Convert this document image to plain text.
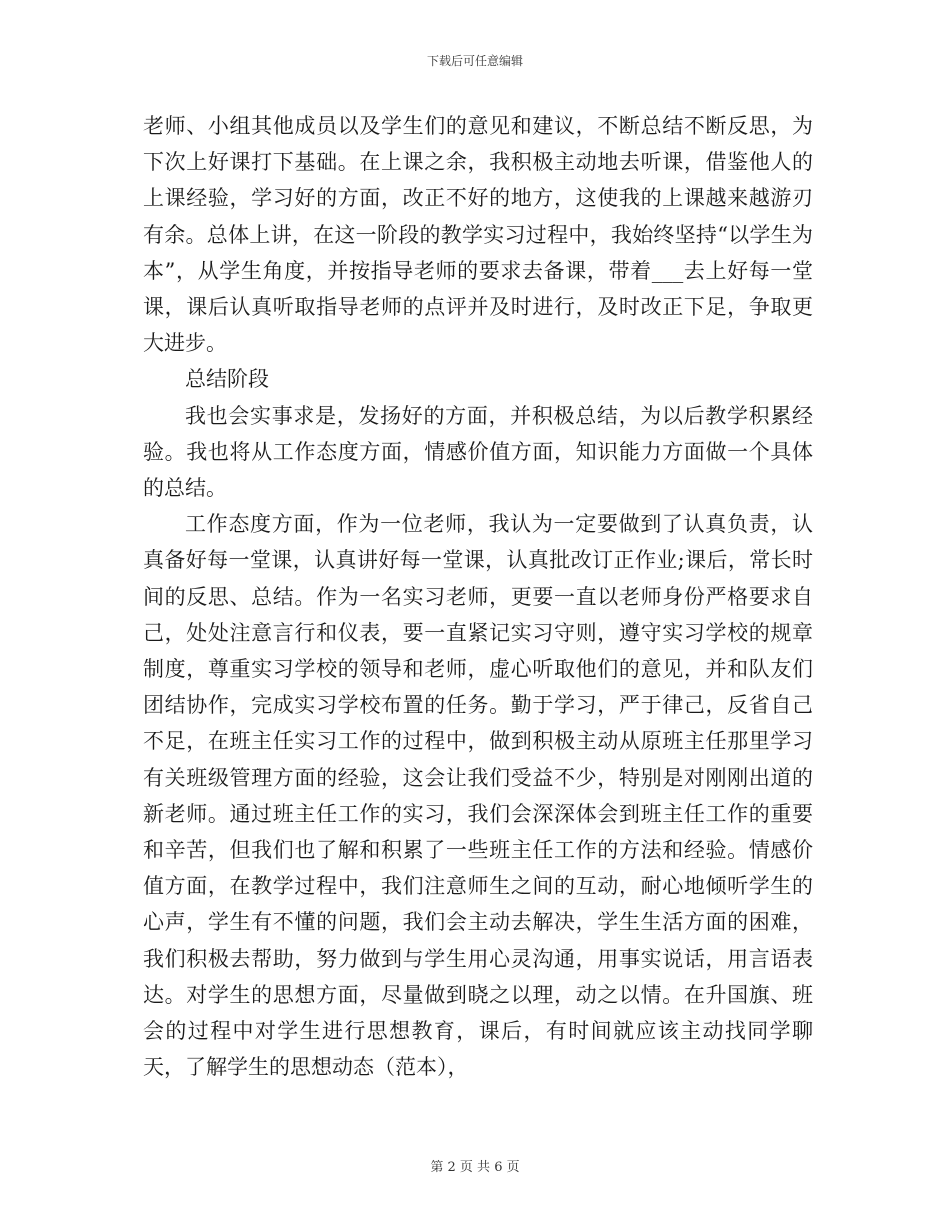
下载后可任意编辑

老师、小组其他成员以及学生们的意见和建议，不断总结不断反思，为下次上好课打下基础。在上课之余，我积极主动地去听课，借鉴他人的上课经验，学习好的方面，改正不好的地方，这使我的上课越来越游刃有余。总体上讲，在这一阶段的教学实习过程中，我始终坚持“以学生为本”，从学生角度，并按指导老师的要求去备课，带着___去上好每一堂课，课后认真听取指导老师的点评并及时进行，及时改正下足，争取更大进步。

总结阶段

我也会实事求是，发扬好的方面，并积极总结，为以后教学积累经验。我也将从工作态度方面，情感价值方面，知识能力方面做一个具体的总结。

工作态度方面，作为一位老师，我认为一定要做到了认真负责，认真备好每一堂课，认真讲好每一堂课，认真批改订正作业;课后，常长时间的反思、总结。作为一名实习老师，更要一直以老师身份严格要求自己，处处注意言行和仪表，要一直紧记实习守则，遵守实习学校的规章制度，尊重实习学校的领导和老师，虚心听取他们的意见，并和队友们团结协作，完成实习学校布置的任务。勤于学习，严于律己，反省自己不足，在班主任实习工作的过程中，做到积极主动从原班主任那里学习有关班级管理方面的经验，这会让我们受益不少，特别是对刚刚出道的新老师。通过班主任工作的实习，我们会深深体会到班主任工作的重要和辛苦，但我们也了解和积累了一些班主任工作的方法和经验。情感价值方面，在教学过程中，我们注意师生之间的互动，耐心地倾听学生的心声，学生有不懂的问题，我们会主动去解决，学生生活方面的困难，我们积极去帮助，努力做到与学生用心灵沟通，用事实说话，用言语表达。对学生的思想方面，尽量做到晓之以理，动之以情。在升国旗、班会的过程中对学生进行思想教育，课后，有时间就应该主动找同学聊天，了解学生的思想动态（范本），

第 2 页 共 6 页
